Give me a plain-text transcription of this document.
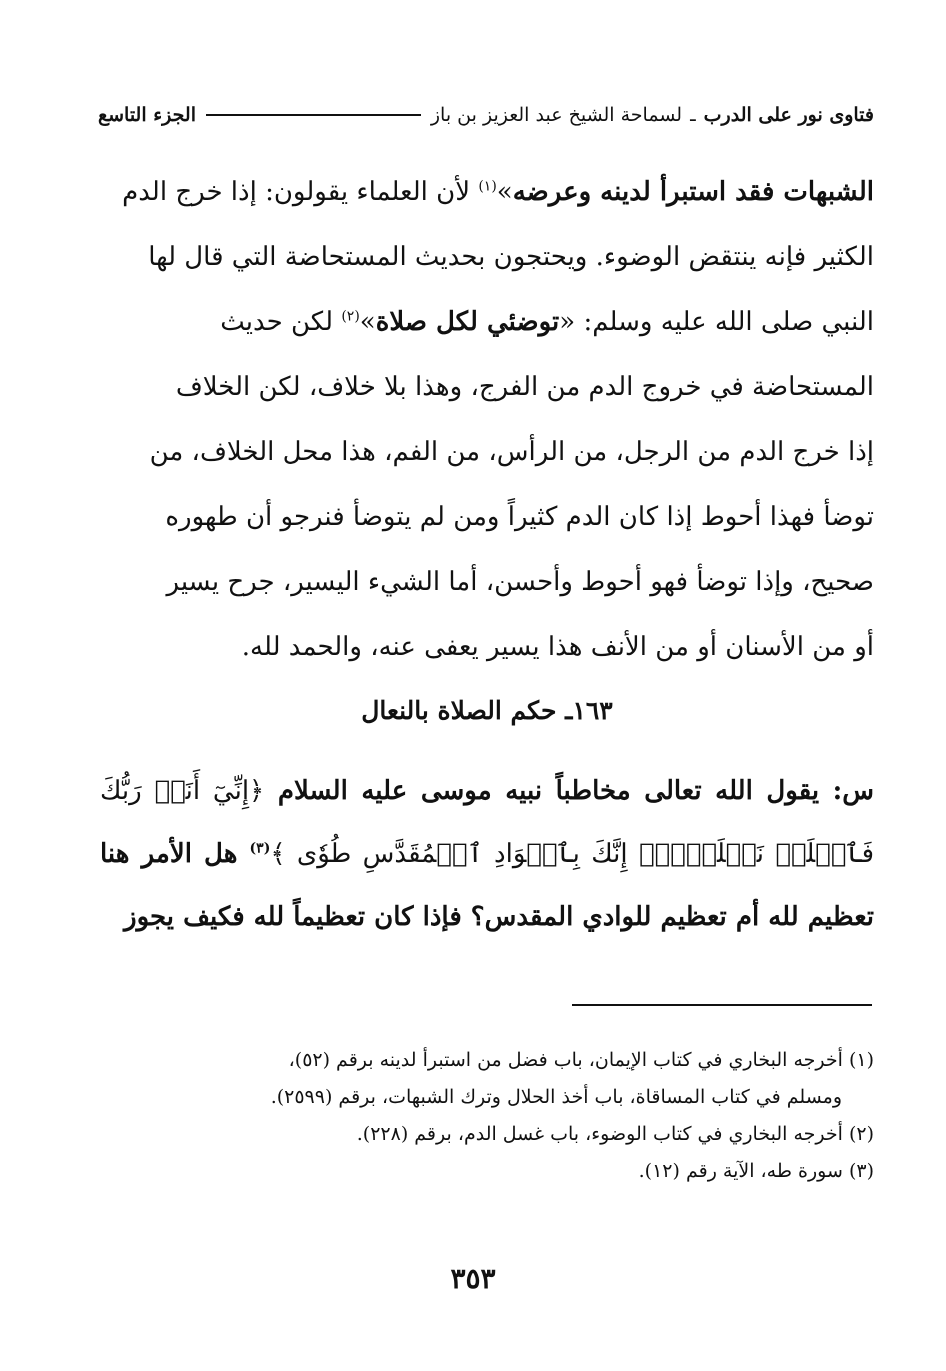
فتاوى نور على الدرب
ـ
لسماحة الشيخ عبد العزيز بن باز
الجزء التاسع

الشبهات فقد استبرأ لدينه وعرضه»$^{(١)}$ لأن العلماء يقولون: إذا خرج الدم

الكثير فإنه ينتقض الوضوء. ويحتجون بحديث المستحاضة التي قال لها

النبي صلى الله عليه وسلم: «توضئي لكل صلاة»$^{(٢)}$ لكن حديث

المستحاضة في خروج الدم من الفرج، وهذا بلا خلاف، لكن الخلاف

إذا خرج الدم من الرجل، من الرأس، من الفم، هذا محل الخلاف، من

توضأ فهذا أحوط إذا كان الدم كثيراً ومن لم يتوضأ فنرجو أن طهوره

صحيح، وإذا توضأ فهو أحوط وأحسن، أما الشيء اليسير، جرح يسير

أو من الأسنان أو من الأنف هذا يسير يعفى عنه، والحمد لله.

١٦٣ـ حكم الصلاة بالنعال

س: يقول الله تعالى مخاطباً نبيه موسى عليه السلام ﴿إِنِّيٓ أَنَا۠ رَبُّكَ فَٱخۡلَعۡ نَعۡلَيۡكَۖ إِنَّكَ بِٱلۡوَادِ ٱلۡمُقَدَّسِ طُوٗى ﴾$^{(٣)}$ هل الأمر هنا تعظيم لله أم تعظيم للوادي المقدس؟ فإذا كان تعظيماً لله فكيف يجوز

(١) أخرجه البخاري في كتاب الإيمان، باب فضل من استبرأ لدينه برقم (٥٢)،

ومسلم في كتاب المساقاة، باب أخذ الحلال وترك الشبهات، برقم (٢٥٩٩).

(٢) أخرجه البخاري في كتاب الوضوء، باب غسل الدم، برقم (٢٢٨).

(٣) سورة طه، الآية رقم (١٢).

٣٥٣
